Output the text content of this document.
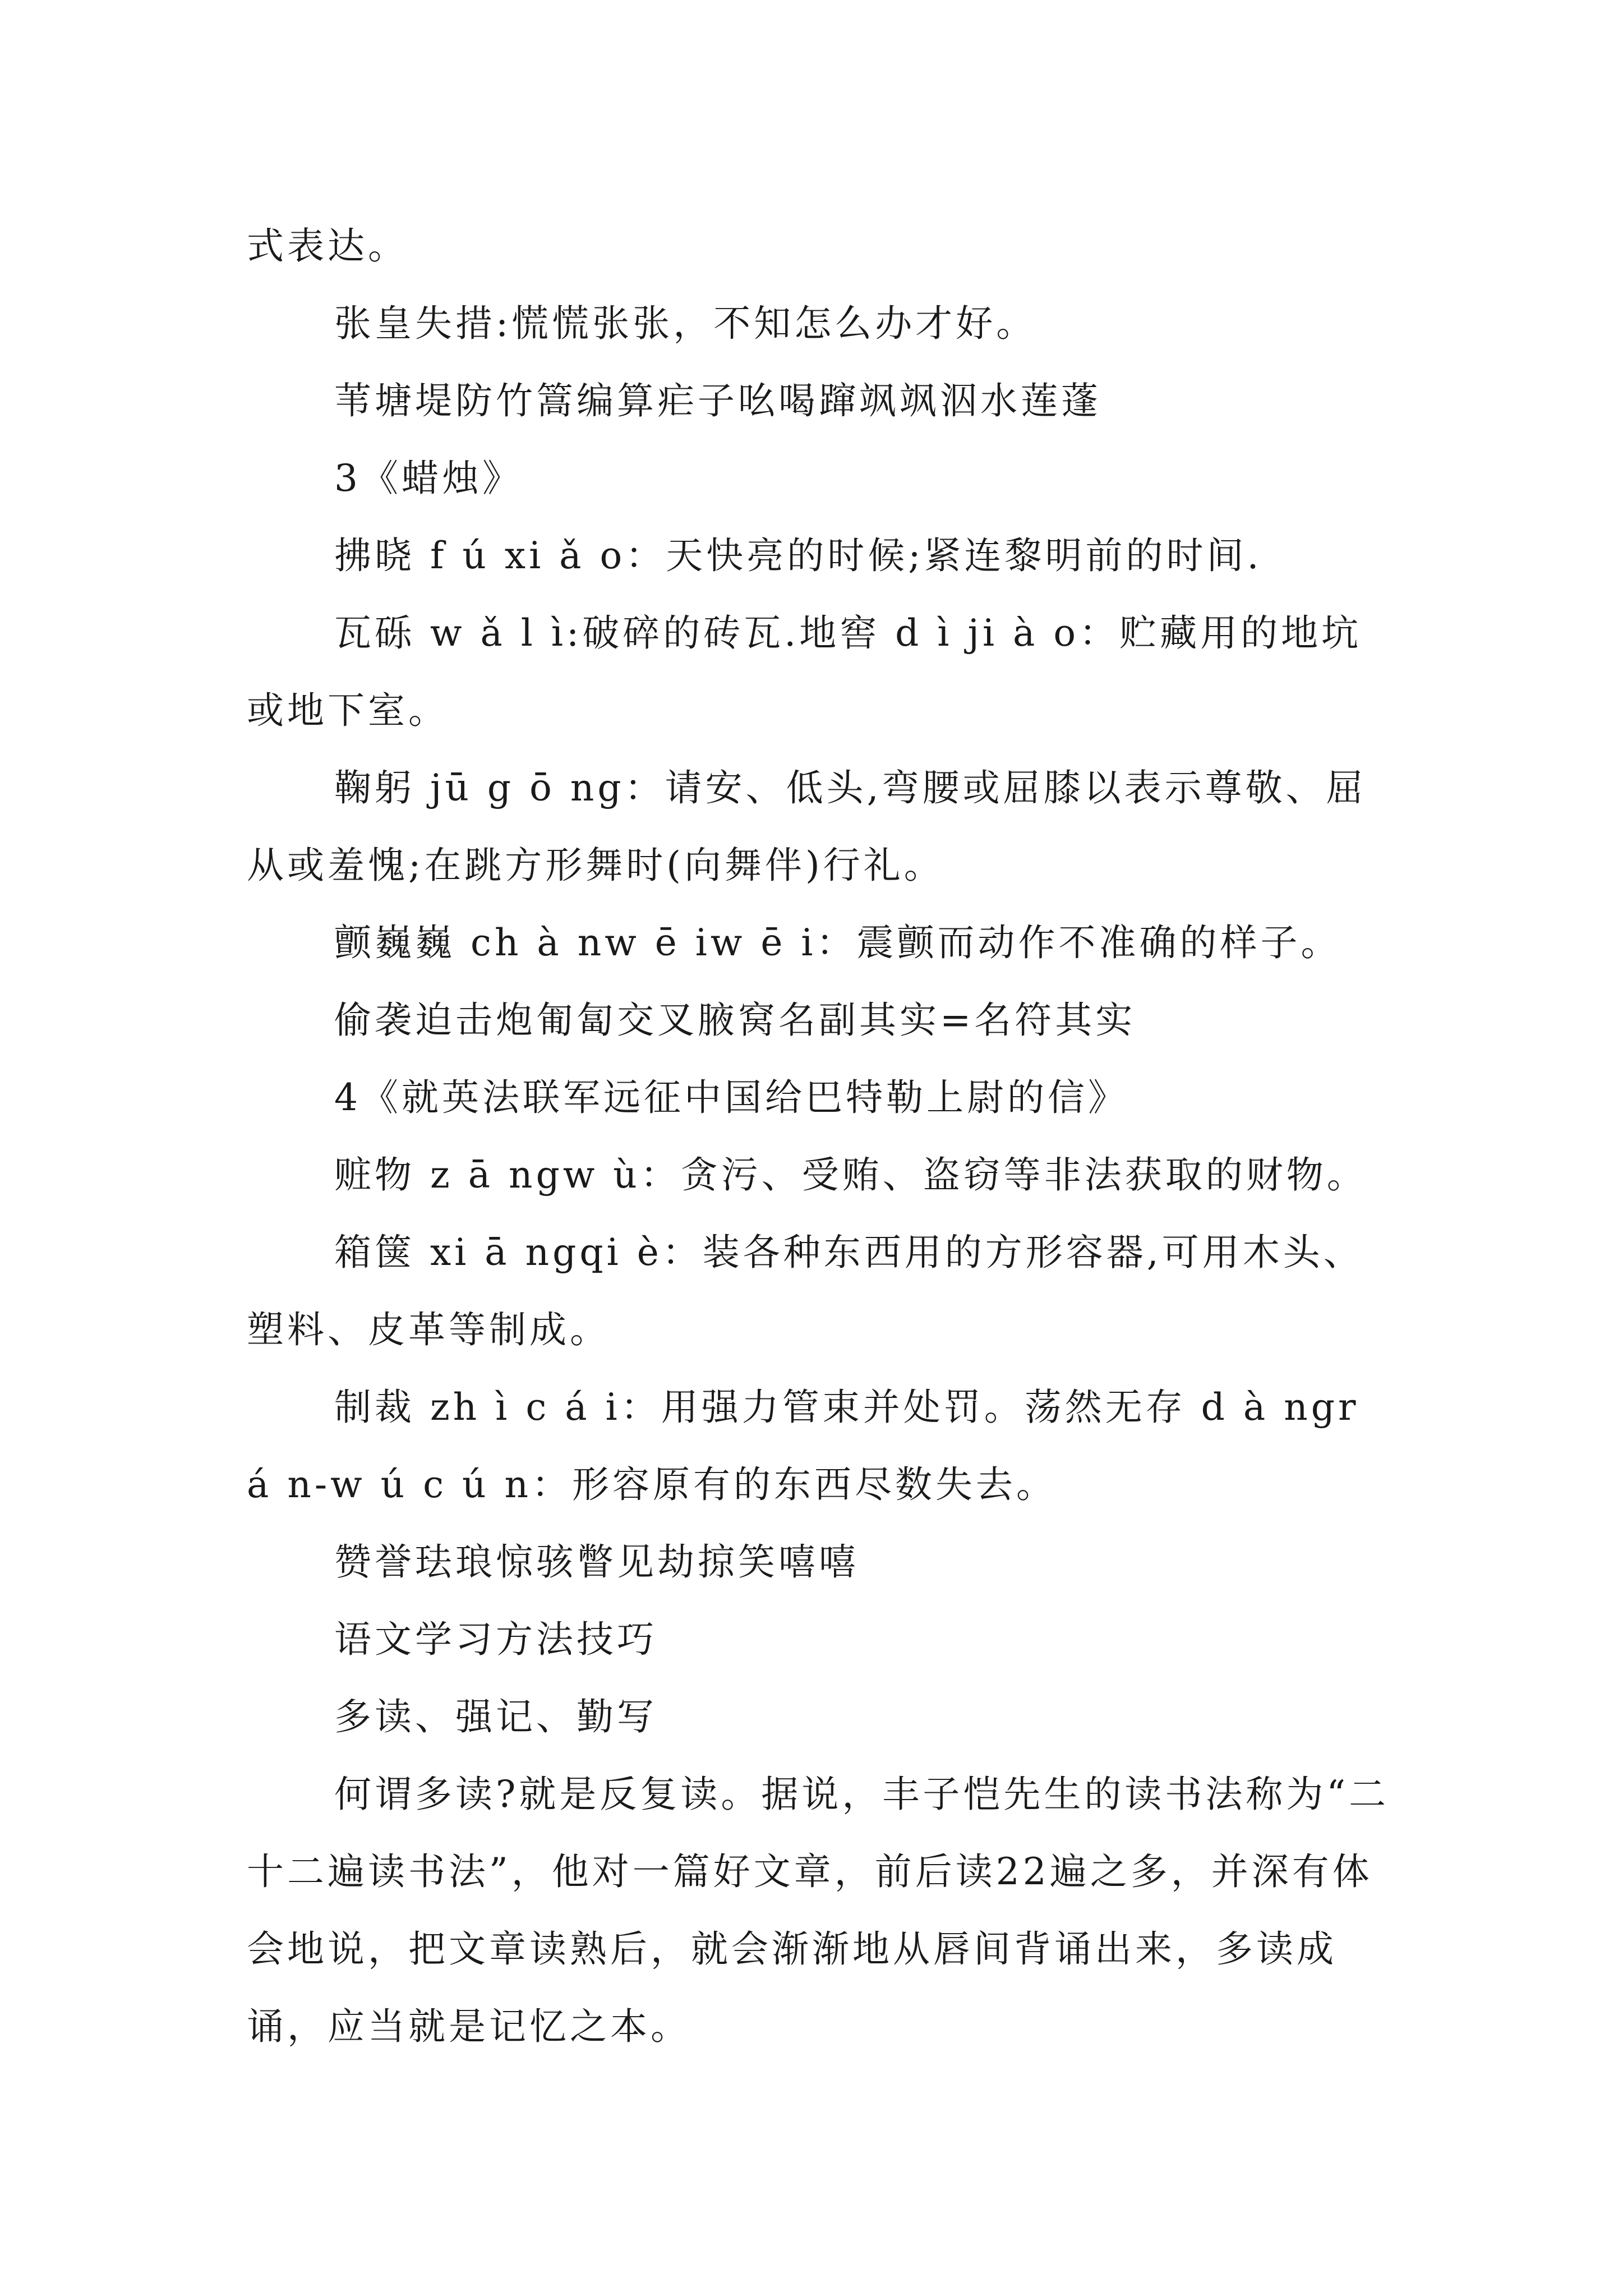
式表达。

张皇失措:慌慌张张，不知怎么办才好。

苇塘堤防竹篙编算疟子吆喝蹿飒飒泅水莲蓬

3《蜡烛》

拂晓 f ú xi ǎ o：天快亮的时候;紧连黎明前的时间.

瓦砾 w ǎ l ì:破碎的砖瓦.地窖 d ì ji à o：贮藏用的地坑或地下室。

鞠躬 jū g ō ng：请安、低头,弯腰或屈膝以表示尊敬、屈从或羞愧;在跳方形舞时(向舞伴)行礼。

颤巍巍 ch à nw ē iw ē i：震颤而动作不准确的样子。

偷袭迫击炮匍匐交叉腋窝名副其实=名符其实

4《就英法联军远征中国给巴特勒上尉的信》

赃物 z ā ngw ù：贪污、受贿、盗窃等非法获取的财物。

箱箧 xi ā ngqi è：装各种东西用的方形容器,可用木头、塑料、皮革等制成。

制裁 zh ì c á i：用强力管束并处罚。荡然无存 d à ngr á n-w ú c ú n：形容原有的东西尽数失去。

赞誉珐琅惊骇瞥见劫掠笑嘻嘻

语文学习方法技巧

多读、强记、勤写

何谓多读?就是反复读。据说，丰子恺先生的读书法称为“二十二遍读书法”，他对一篇好文章，前后读22遍之多，并深有体会地说，把文章读熟后，就会渐渐地从唇间背诵出来，多读成诵，应当就是记忆之本。
